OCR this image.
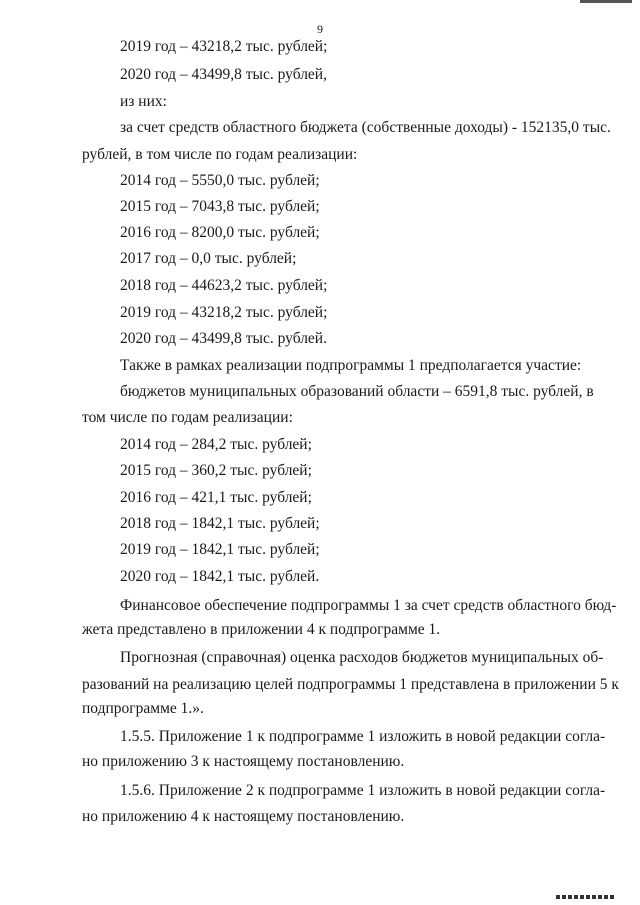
9
2019 год – 43218,2 тыс. рублей;
2020 год – 43499,8 тыс. рублей,
из них:
за счет средств областного бюджета (собственные доходы) - 152135,0 тыс.
рублей, в том числе по годам реализации:
2014 год – 5550,0 тыс. рублей;
2015 год – 7043,8 тыс. рублей;
2016 год – 8200,0 тыс. рублей;
2017 год – 0,0 тыс. рублей;
2018 год – 44623,2 тыс. рублей;
2019 год – 43218,2 тыс. рублей;
2020 год – 43499,8 тыс. рублей.
Также в рамках реализации подпрограммы 1 предполагается участие:
бюджетов муниципальных образований области – 6591,8 тыс. рублей, в
том числе по годам реализации:
2014 год – 284,2 тыс. рублей;
2015 год – 360,2 тыс. рублей;
2016 год – 421,1 тыс. рублей;
2018 год – 1842,1 тыс. рублей;
2019 год – 1842,1 тыс. рублей;
2020 год – 1842,1 тыс. рублей.
Финансовое обеспечение подпрограммы 1 за счет средств областного бюд-
жета представлено в приложении 4 к подпрограмме 1.
Прогнозная (справочная) оценка расходов бюджетов муниципальных об-
разований на реализацию целей подпрограммы 1 представлена в приложении 5 к
подпрограмме 1.».
1.5.5. Приложение 1 к подпрограмме 1 изложить в новой редакции согла-
но приложению 3 к настоящему постановлению.
1.5.6. Приложение 2 к подпрограмме 1 изложить в новой редакции согла-
но приложению 4 к настоящему постановлению.
